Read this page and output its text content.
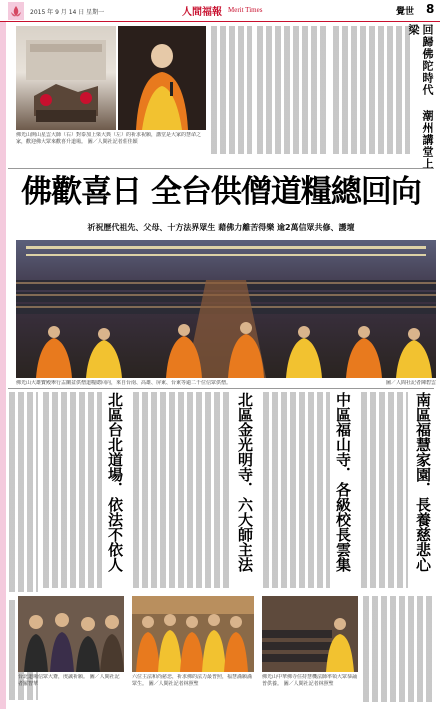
2015 年 9 月 14 日 星期一	人間福報 Merit Times	覺世 8
佛光山開山星雲大師（右）對泰加上梁大典（左）的祈求祝願，講堂是大家的慧命之家，歡迎佛大眾來歡喜升道場。 圖／人間社記者莊佳穎	回歸佛陀時代 潮州講堂上梁
佛歡喜日 全台供僧道糧總回向
祈祝歷代祖先、父母、十方法界眾生 藉佛力離苦得樂 逾2萬信眾共修、護壇
佛光山大雄寶殿舉行盂蘭盆供僧道糧總回向，來自台南、高雄、屏東、台東等逾二千位信眾供僧。	圖／人間社記者陳碧雲
北區台北道場．依法不依人
北區金光明寺．六大師主法
中區福山寺．各級校長雲集
南區福慧家園．長養慈悲心
台北道場信眾大齋，虔誠祈願。 圖／人間社記者羅智華
六位主法和尚慈悲，祈求佛的法力最普照，福慧滿願滿眾生。 圖／人間社記者林照聖
佛光山中華佛寺住持慧機法師率領大眾恭誦普供養。 圖／人間社記者林照聖
